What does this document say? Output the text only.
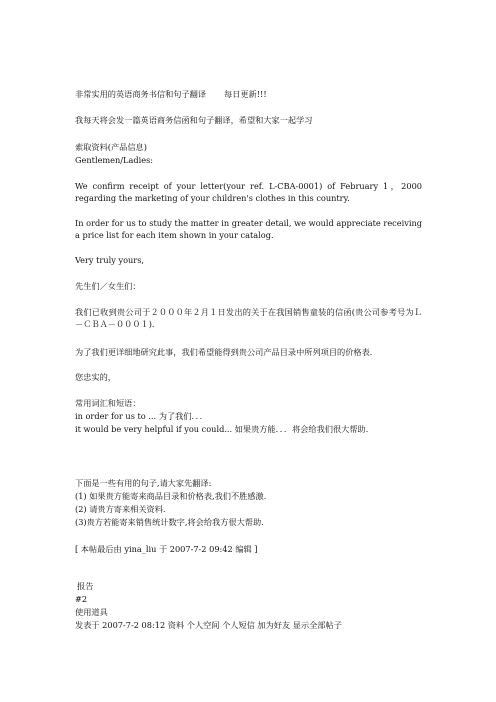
非常实用的英语商务书信和句子翻译 每日更新!!!
我每天将会发一篇英语商务信函和句子翻译，希望和大家一起学习
索取资料(产品信息)
Gentlemen/Ladies:
We confirm receipt of your letter(your ref. L-CBA-0001) of February 1，2000 regarding the marketing of your children's clothes in this country.
In order for us to study the matter in greater detail, we would appreciate receiving a price list for each item shown in your catalog.
Very truly yours,
先生们／女生们：
我们已收到贵公司于２０００年２月１日发出的关于在我国销售童装的信函(贵公司参考号为Ｌ－ＣＢＡ－０００１)．
为了我们更详细地研究此事，我们希望能得到贵公司产品目录中所列项目的价格表．
您忠实的，
常用词汇和短语：
in order for us to ... 为了我们．．．
it would be very helpful if you could... 如果贵方能．．．将会给我们很大帮助．
下面是一些有用的句子,请大家先翻译:
(1) 如果贵方能寄来商品目录和价格表,我们不胜感激.
(2) 请贵方寄来相关资料.
(3)贵方若能寄来销售统计数字,将会给我方很大帮助.
[ 本帖最后由 yina_liu 于 2007-7-2 09:42 编辑 ]
报告
#2
使用道具
发表于 2007-7-2 08:12 资料 个人空间 个人短信 加为好友 显示全部帖子
